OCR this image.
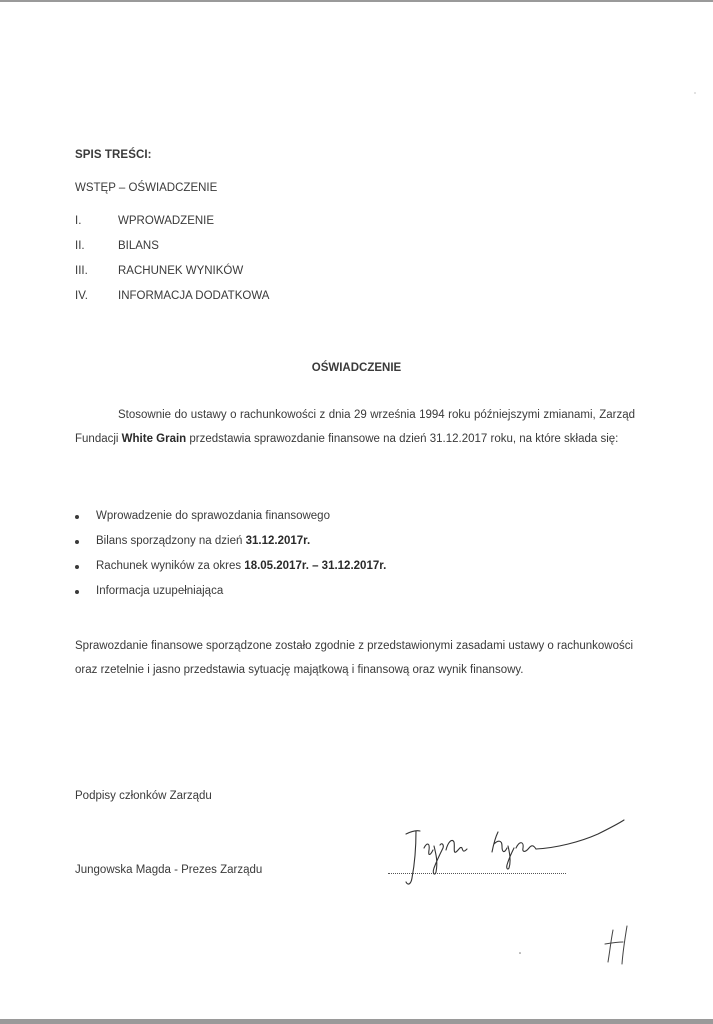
SPIS TREŚCI:
WSTĘP – OŚWIADCZENIE
I.	WPROWADZENIE
II.	BILANS
III.	RACHUNEK WYNIKÓW
IV.	INFORMACJA DODATKOWA
OŚWIADCZENIE
Stosownie do ustawy o rachunkowości z dnia 29 września 1994 roku późniejszymi zmianami, Zarząd Fundacji White Grain przedstawia sprawozdanie finansowe na dzień 31.12.2017 roku, na które składa się:
Wprowadzenie do sprawozdania finansowego
Bilans sporządzony na dzień 31.12.2017r.
Rachunek wyników za okres 18.05.2017r. – 31.12.2017r.
Informacja uzupełniająca
Sprawozdanie finansowe sporządzone zostało zgodnie z przedstawionymi zasadami ustawy o rachunkowości oraz rzetelnie i jasno przedstawia sytuację majątkową i finansową oraz wynik finansowy.
Podpisy członków Zarządu
Jungowska Magda - Prezes Zarządu
